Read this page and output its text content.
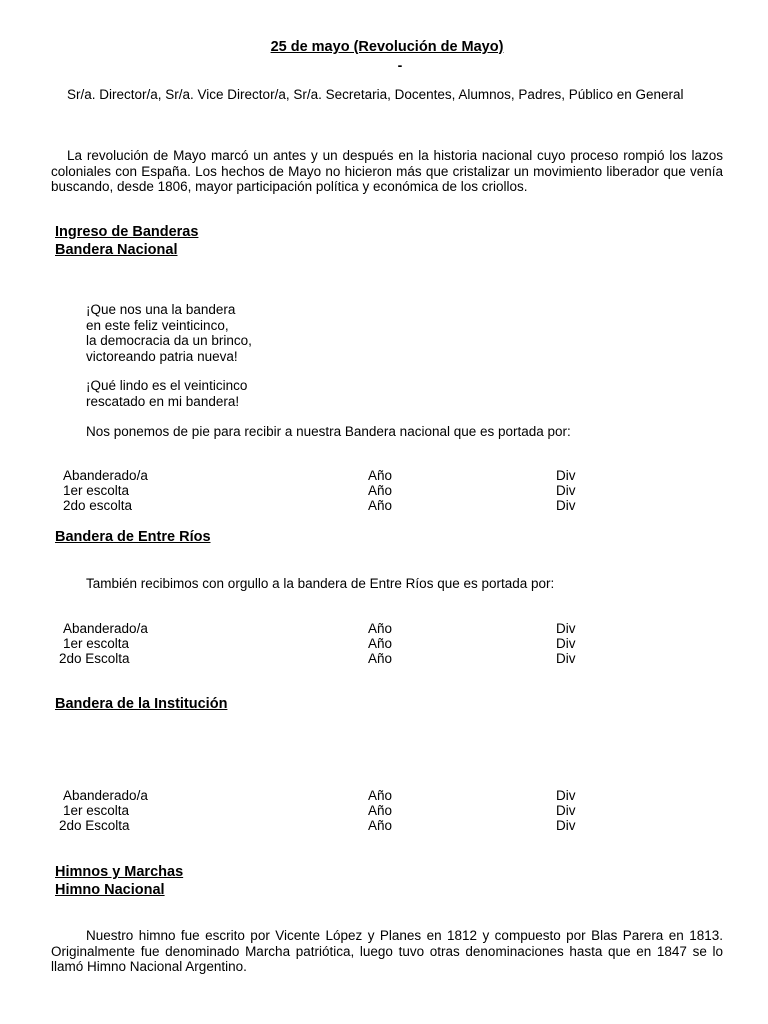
25 de mayo (Revolución de Mayo)
-
Sr/a. Director/a, Sr/a. Vice Director/a, Sr/a. Secretaria, Docentes, Alumnos, Padres, Público en General
La revolución de Mayo marcó un antes y un después en la historia nacional cuyo proceso rompió los lazos coloniales con España. Los hechos de Mayo no hicieron más que cristalizar un movimiento liberador que venía buscando, desde 1806, mayor participación política y económica de los criollos.
Ingreso de Banderas
Bandera Nacional
¡Que nos una la bandera
en este feliz veinticinco,
la democracia da un brinco,
victoreando patria nueva!
¡Qué lindo es el veinticinco
rescatado en mi bandera!
Nos ponemos de pie para recibir a nuestra Bandera nacional que es portada por:
Abanderado/a
1er escolta
2do escolta
Año
Año
Año
Div
Div
Div
Bandera de Entre Ríos
También recibimos con orgullo a la bandera de Entre Ríos que es portada por:
Abanderado/a
1er escolta
2do Escolta
Año
Año
Año
Div
Div
Div
Bandera de la Institución
Abanderado/a
1er escolta
2do Escolta
Año
Año
Año
Div
Div
Div
Himnos y Marchas
Himno Nacional
Nuestro himno fue escrito por Vicente López y Planes en 1812 y compuesto por Blas Parera en 1813. Originalmente fue denominado Marcha patriótica, luego tuvo otras denominaciones hasta que en 1847 se lo llamó Himno Nacional Argentino.
